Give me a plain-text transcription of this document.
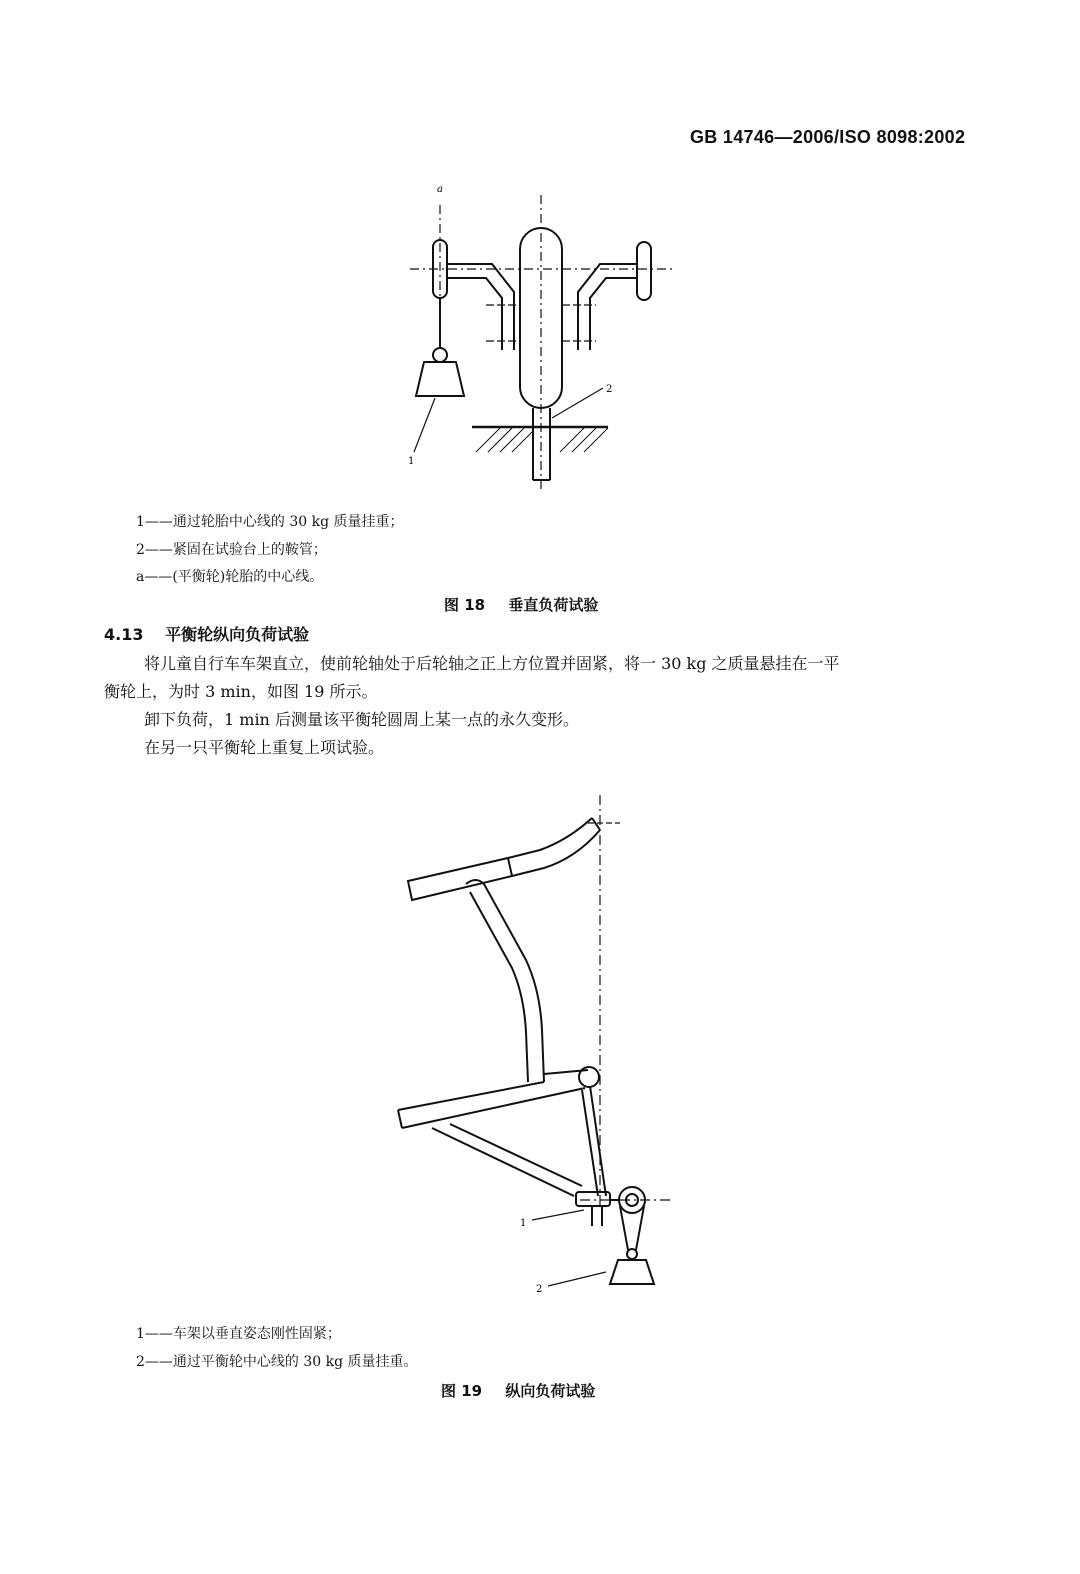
GB 14746—2006/ISO 8098:2002
a
1
2
1——通过轮胎中心线的 30 kg 质量挂重；
2——紧固在试验台上的鞍管；
a——(平衡轮)轮胎的中心线。
图 18 垂直负荷试验
4.13 平衡轮纵向负荷试验
将儿童自行车车架直立，使前轮轴处于后轮轴之正上方位置并固紧，将一 30 kg 之质量悬挂在一平
衡轮上，为时 3 min，如图 19 所示。
卸下负荷，1 min 后测量该平衡轮圆周上某一点的永久变形。
在另一只平衡轮上重复上项试验。
1
2
1——车架以垂直姿态刚性固紧；
2——通过平衡轮中心线的 30 kg 质量挂重。
图 19 纵向负荷试验
